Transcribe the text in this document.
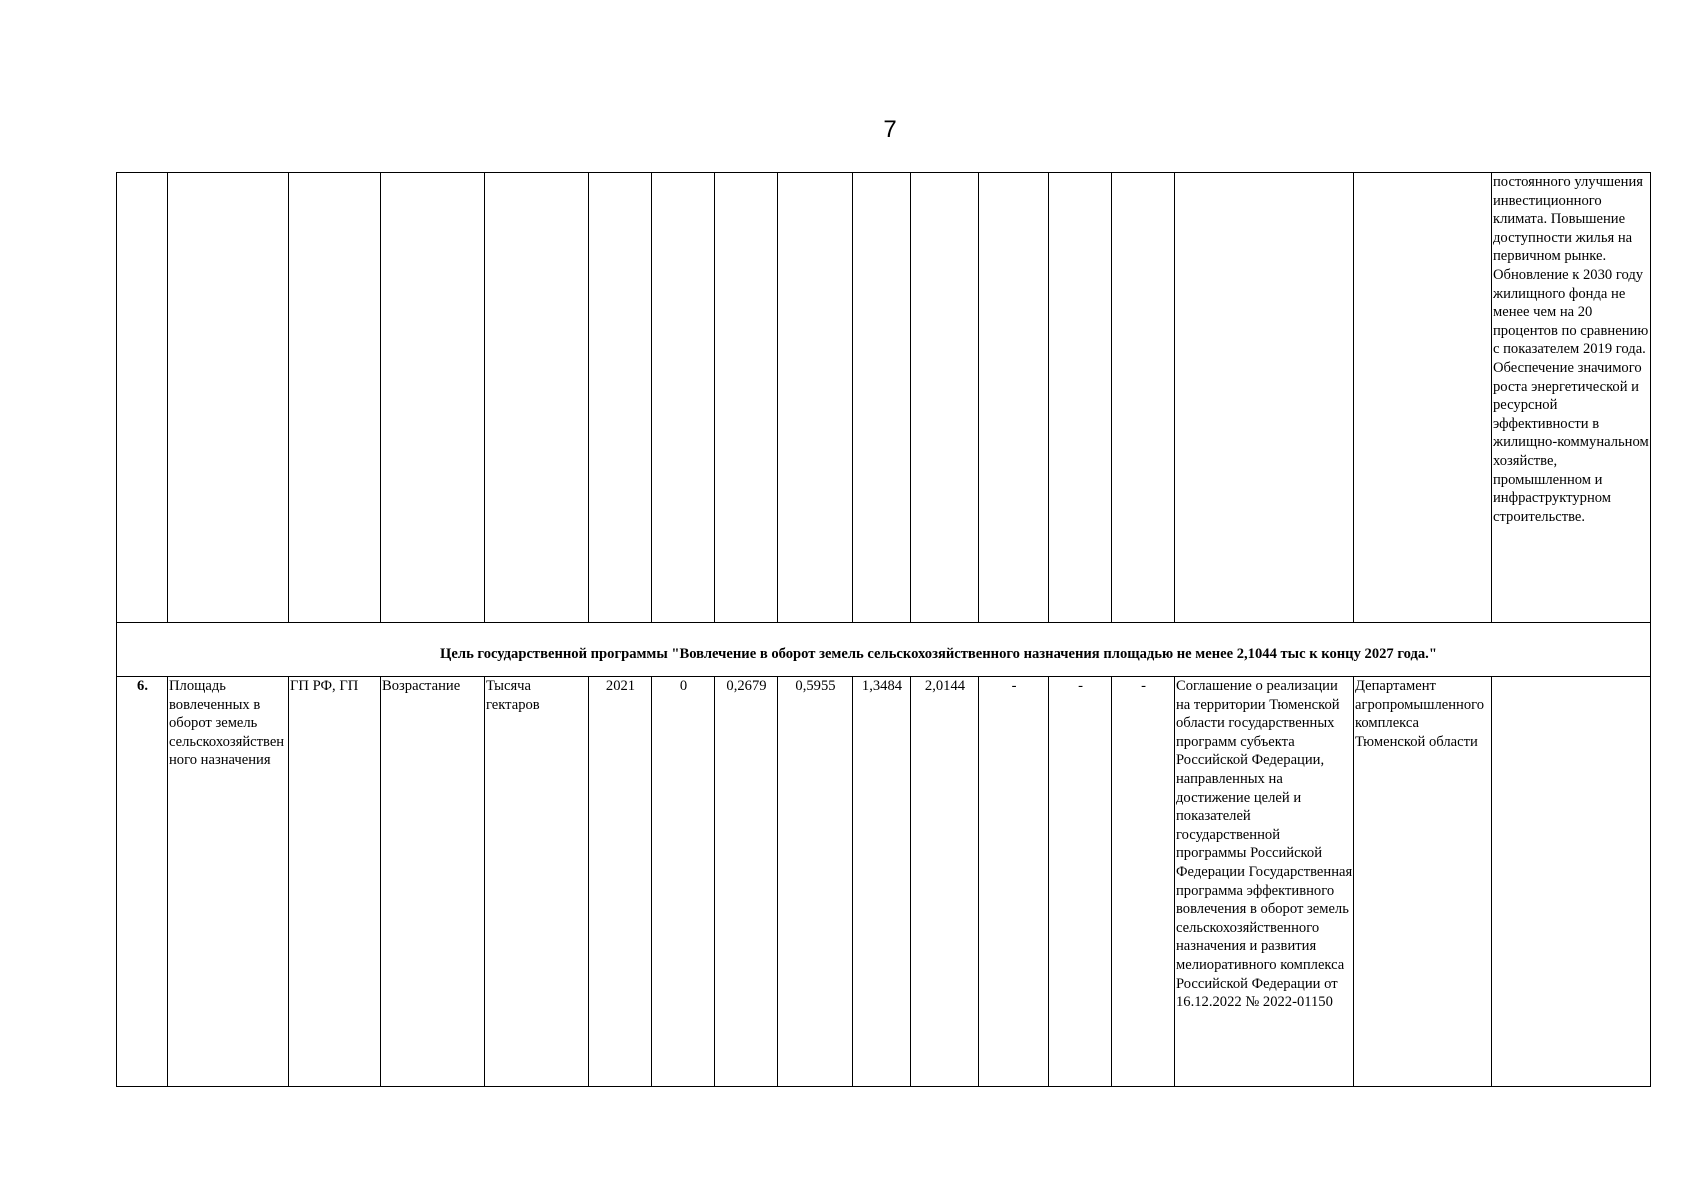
7
																постоянного улучшения инвестиционного климата. Повышение доступности жилья на первичном рынке. Обновление к 2030 году жилищного фонда не менее чем на 20 процентов по сравнению с показателем 2019 года. Обеспечение значимого роста энергетической и ресурсной эффективности в жилищно-коммунальном хозяйстве, промышленном и инфраструктурном строительстве.

Цель государственной программы "Вовлечение в оборот земель сельскохозяйственного назначения площадью не менее 2,1044 тыс к концу 2027 года."																

6.	Площадь вовлеченных в оборот земель сельскохозяйственного назначения	ГП РФ, ГП	Возрастание	Тысяча гектаров	2021	0	0,2679	0,5955	1,3484	2,0144	-	-	-	Соглашение о реализации на территории Тюменской области государственных программ субъекта Российской Федерации, направленных на достижение целей и показателей государственной программы Российской Федерации Государственная программа эффективного вовлечения в оборот земель сельскохозяйственного назначения и развития мелиоративного комплекса Российской Федерации от 16.12.2022 № 2022-01150	Департамент агропромышленного комплекса Тюменской области	
